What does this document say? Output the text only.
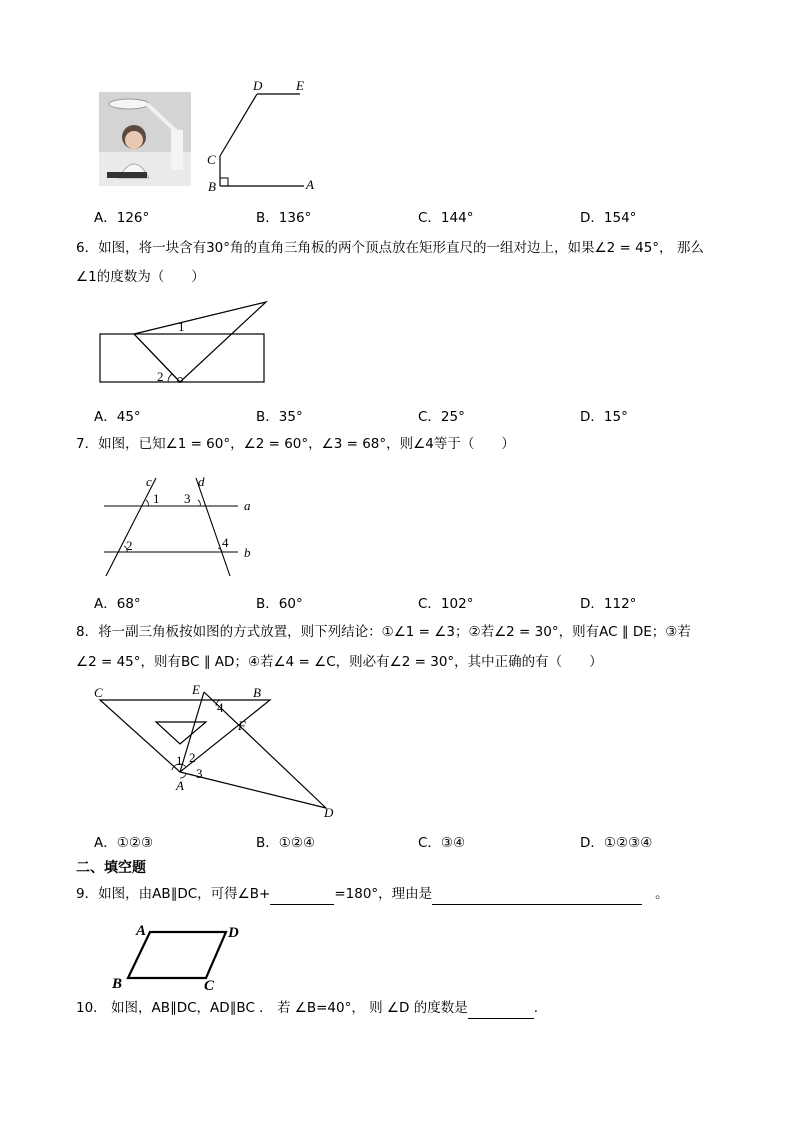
D	E
C
B	A
A．126°	B．136°	C．144°	D．154°
6．如图，将一块含有30°角的直角三角板的两个顶点放在矩形直尺的一组对边上，如果∠2 = 45°， 那么
∠1的度数为（　　）
1
2
A．45°	B．35°	C．25°	D．15°
7．如图，已知∠1 = 60°，∠2 = 60°，∠3 = 68°，则∠4等于（　　）
c	d
a
b
1
2
3
4
A．68°	B．60°	C．102°	D．112°
8．将一副三角板按如图的方式放置，则下列结论：①∠1 = ∠3；②若∠2 = 30°，则有AC ∥ DE；③若
∠2 = 45°，则有BC ∥ AD；④若∠4 = ∠C，则必有∠2 = 30°，其中正确的有（　　）
C	E	B
F
A
D
1 2
3
4
A．①②③	B．①②④	C．③④	D．①②③④
二、填空题
9．如图，由AB∥DC，可得∠B+	=180°，理由是	。
A	D
B	C
10． 如图，AB∥DC，AD∥BC ． 若 ∠B=40°， 则 ∠D 的度数是	.
